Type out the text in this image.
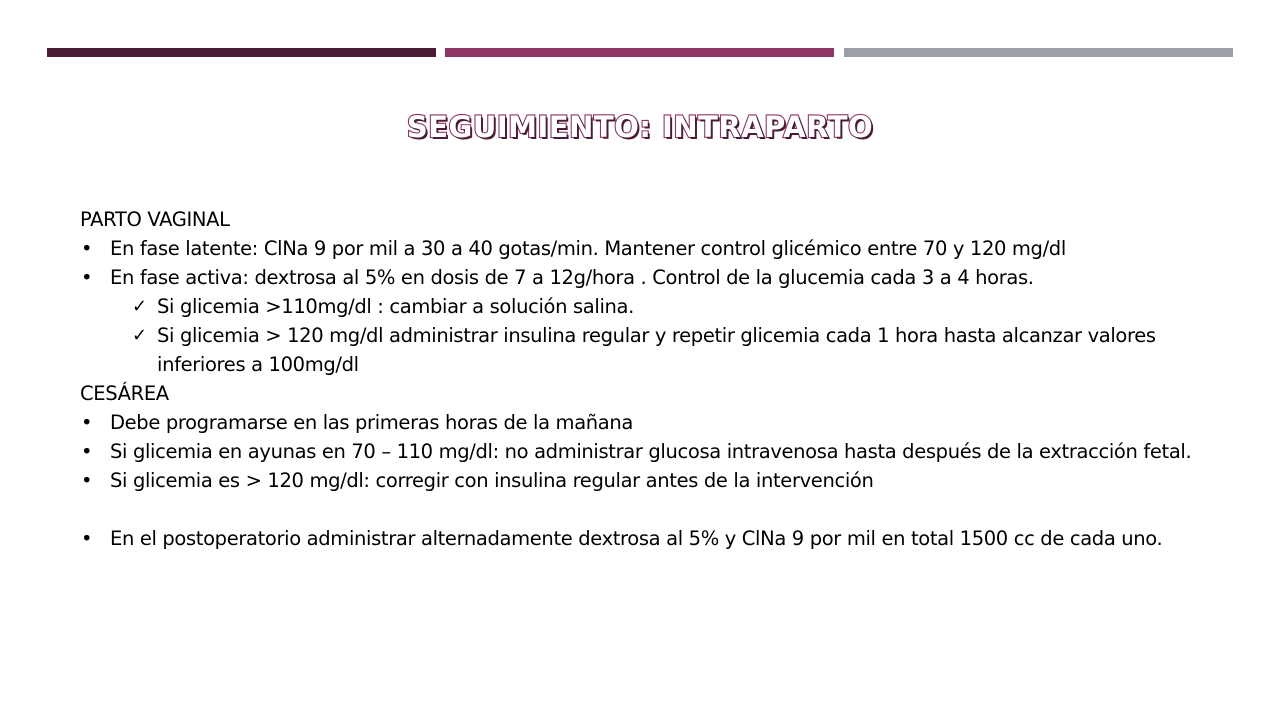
SEGUIMIENTO: INTRAPARTO

PARTO VAGINAL

• En fase latente: ClNa 9 por mil a 30 a 40 gotas/min. Mantener control glicémico entre 70 y 120 mg/dl
• En fase activa: dextrosa al 5% en dosis de 7 a 12g/hora . Control de la glucemia cada 3 a 4 horas.
✓ Si glicemia >110mg/dl : cambiar a solución salina.
✓ Si glicemia > 120 mg/dl administrar insulina regular y repetir glicemia cada 1 hora hasta alcanzar valores inferiores a 100mg/dl

CESÁREA

• Debe programarse en las primeras horas de la mañana
• Si glicemia en ayunas en 70 – 110 mg/dl: no administrar glucosa intravenosa hasta después de la extracción fetal.
• Si glicemia es > 120 mg/dl: corregir con insulina regular antes de la intervención
• En el postoperatorio administrar alternadamente dextrosa al 5% y ClNa 9 por mil en total 1500 cc de cada uno.
